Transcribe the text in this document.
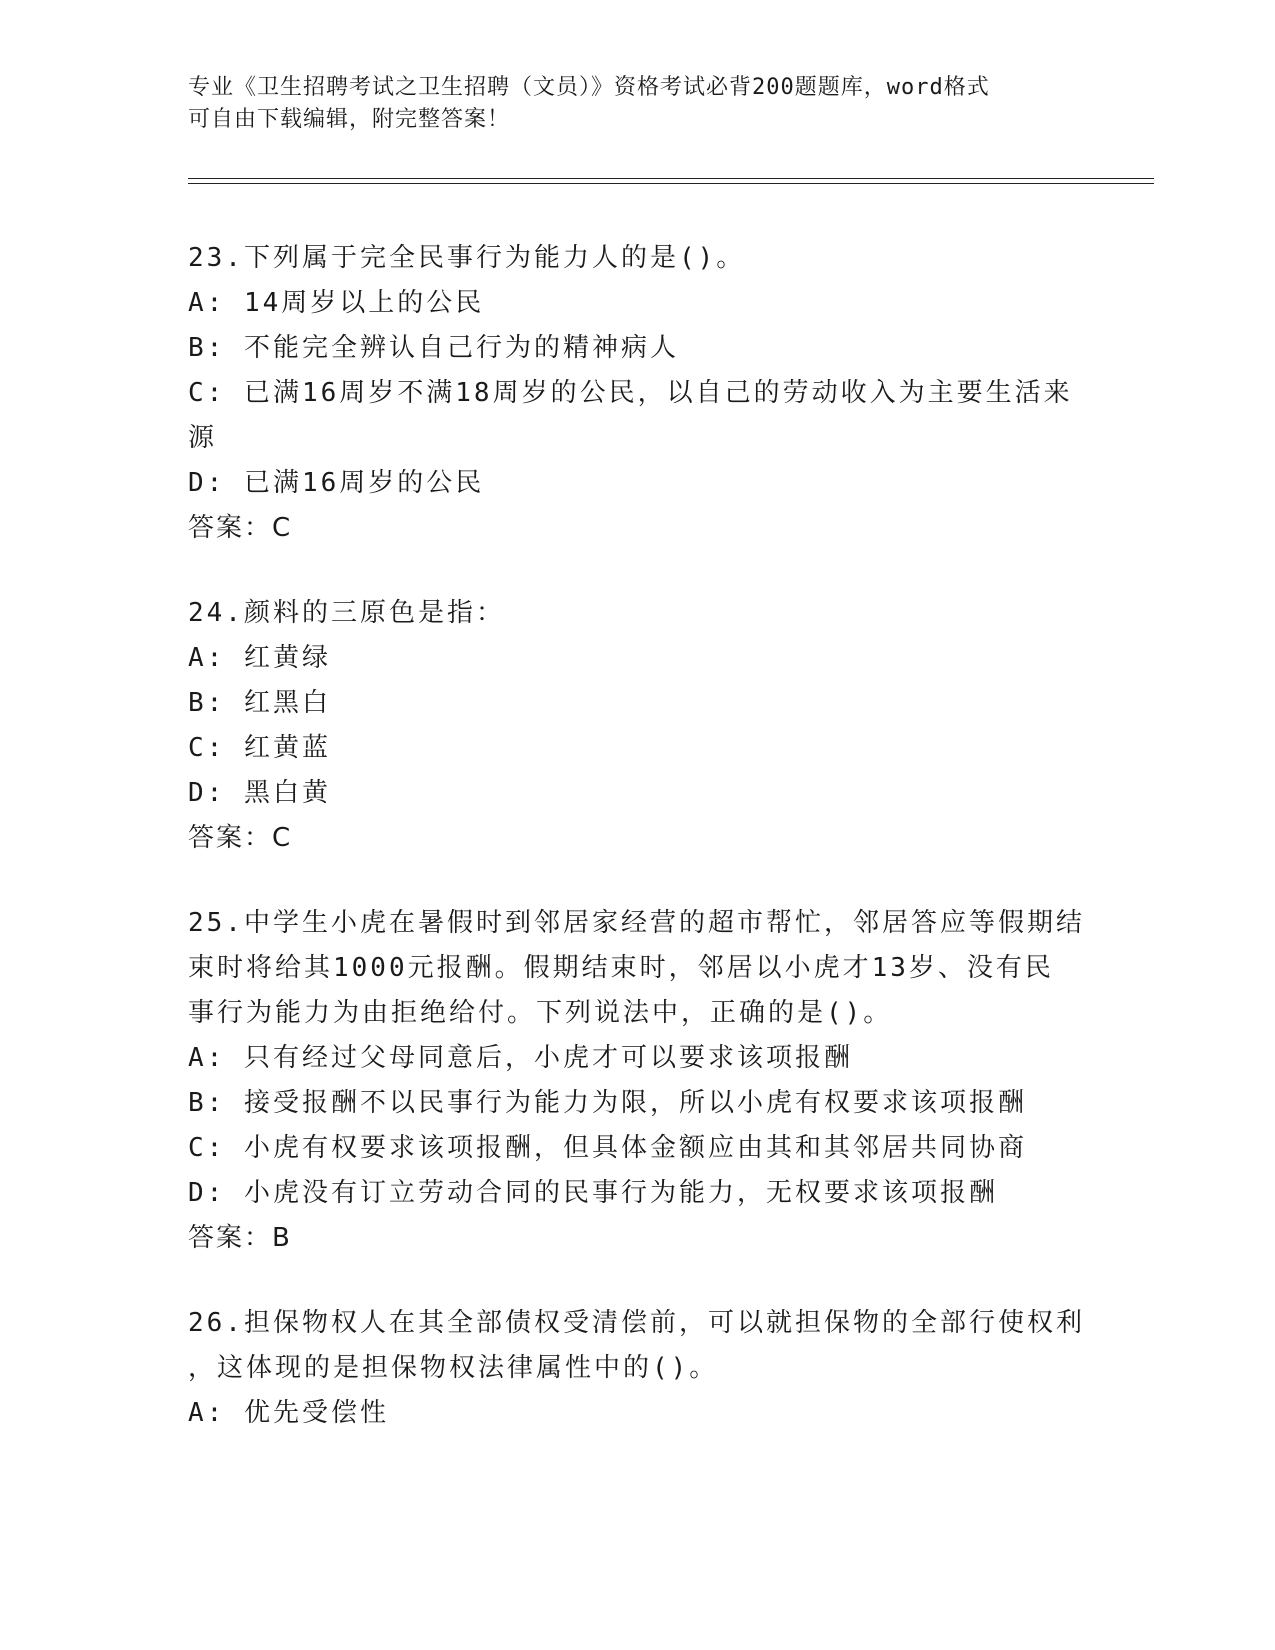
专业《卫生招聘考试之卫生招聘（文员）》资格考试必背200题题库，word格式
可自由下载编辑，附完整答案！
23.下列属于完全民事行为能力人的是()。
A: 14周岁以上的公民
B: 不能完全辨认自己行为的精神病人
C: 已满16周岁不满18周岁的公民，以自己的劳动收入为主要生活来
源
D: 已满16周岁的公民
答案：C
24.颜料的三原色是指：
A: 红黄绿
B: 红黑白
C: 红黄蓝
D: 黑白黄
答案：C
25.中学生小虎在暑假时到邻居家经营的超市帮忙，邻居答应等假期结
束时将给其1000元报酬。假期结束时，邻居以小虎才13岁、没有民
事行为能力为由拒绝给付。下列说法中，正确的是()。
A: 只有经过父母同意后，小虎才可以要求该项报酬
B: 接受报酬不以民事行为能力为限，所以小虎有权要求该项报酬
C: 小虎有权要求该项报酬，但具体金额应由其和其邻居共同协商
D: 小虎没有订立劳动合同的民事行为能力，无权要求该项报酬
答案：B
26.担保物权人在其全部债权受清偿前，可以就担保物的全部行使权利
，这体现的是担保物权法律属性中的()。
A: 优先受偿性
